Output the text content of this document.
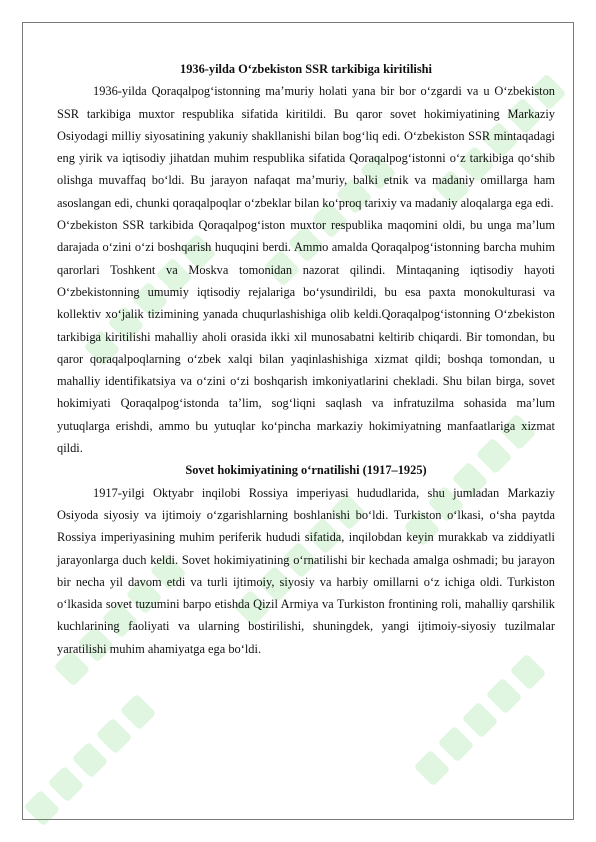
1936-yilda Oʻzbekiston SSR tarkibiga kiritilishi

1936-yilda Qoraqalpogʻistonning maʼmuriy holati yana bir bor oʻzgardi va u Oʻzbekiston SSR tarkibiga muxtor respublika sifatida kiritildi. Bu qaror sovet hokimiyatining Markaziy Osiyodagi milliy siyosatining yakuniy shakllanishi bilan bogʻliq edi. Oʻzbekiston SSR mintaqadagi eng yirik va iqtisodiy jihatdan muhim respublika sifatida Qoraqalpogʻistonni oʻz tarkibiga qoʻshib olishga muvaffaq boʻldi. Bu jarayon nafaqat maʼmuriy, balki etnik va madaniy omillarga ham asoslangan edi, chunki qoraqalpoqlar oʻzbeklar bilan koʻproq tarixiy va madaniy aloqalarga ega edi.

Oʻzbekiston SSR tarkibida Qoraqalpogʻiston muxtor respublika maqomini oldi, bu unga maʼlum darajada oʻzini oʻzi boshqarish huquqini berdi. Ammo amalda Qoraqalpogʻistonning barcha muhim qarorlari Toshkent va Moskva tomonidan nazorat qilindi. Mintaqaning iqtisodiy hayoti Oʻzbekistonning umumiy iqtisodiy rejalariga boʻysundirildi, bu esa paxta monokulturasi va kollektiv xoʻjalik tizimining yanada chuqurlashishiga olib keldi.Qoraqalpogʻistonning Oʻzbekiston tarkibiga kiritilishi mahalliy aholi orasida ikki xil munosabatni keltirib chiqardi. Bir tomondan, bu qaror qoraqalpoqlarning oʻzbek xalqi bilan yaqinlashishiga xizmat qildi; boshqa tomondan, u mahalliy identifikatsiya va oʻzini oʻzi boshqarish imkoniyatlarini chekladi. Shu bilan birga, sovet hokimiyati Qoraqalpogʻistonda taʼlim, sogʻliqni saqlash va infratuzilma sohasida maʼlum yutuqlarga erishdi, ammo bu yutuqlar koʻpincha markaziy hokimiyatning manfaatlariga xizmat qildi.

Sovet hokimiyatining oʻrnatilishi (1917–1925)

1917-yilgi Oktyabr inqilobi Rossiya imperiyasi hududlarida, shu jumladan Markaziy Osiyoda siyosiy va ijtimoiy oʻzgarishlarning boshlanishi boʻldi. Turkiston oʻlkasi, oʻsha paytda Rossiya imperiyasining muhim periferik hududi sifatida, inqilobdan keyin murakkab va ziddiyatli jarayonlarga duch keldi. Sovet hokimiyatining oʻrnatilishi bir kechada amalga oshmadi; bu jarayon bir necha yil davom etdi va turli ijtimoiy, siyosiy va harbiy omillarni oʻz ichiga oldi. Turkiston oʻlkasida sovet tuzumini barpo etishda Qizil Armiya va Turkiston frontining roli, mahalliy qarshilik kuchlarining faoliyati va ularning bostirilishi, shuningdek, yangi ijtimoiy-siyosiy tuzilmalar yaratilishi muhim ahamiyatga ega boʻldi.
